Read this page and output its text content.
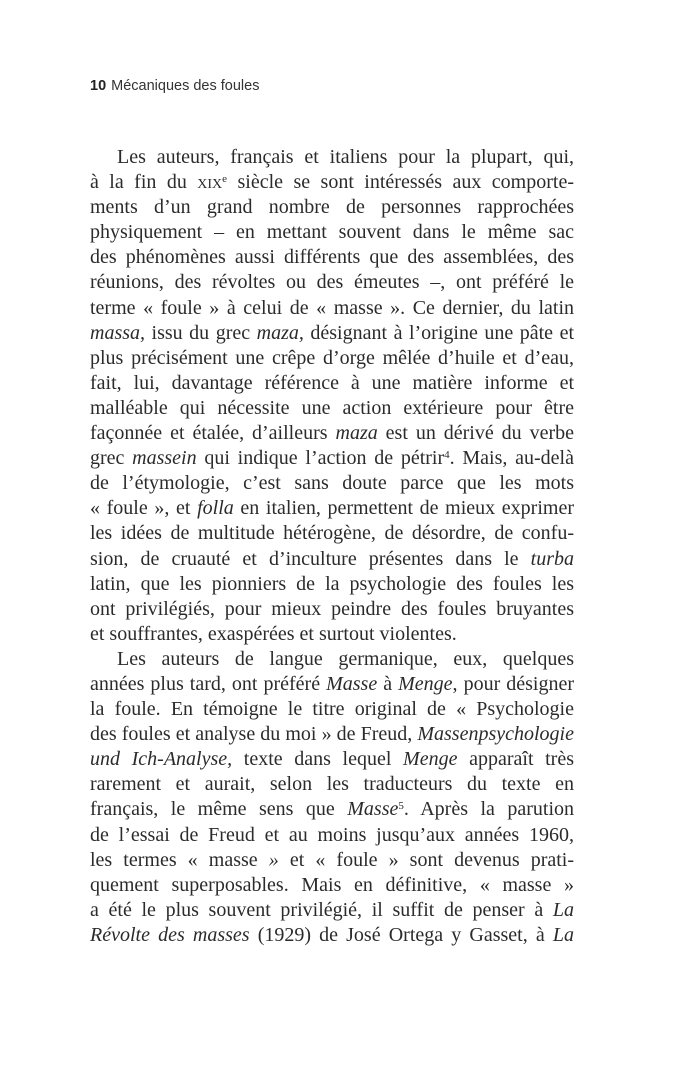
10 Mécaniques des foules
Les auteurs, français et italiens pour la plupart, qui,
à la fin du xix$^e$ siècle se sont intéressés aux comporte-
ments d’un grand nombre de personnes rapprochées
physiquement – en mettant souvent dans le même sac
des phénomènes aussi différents que des assemblées, des
réunions, des révoltes ou des émeutes –, ont préféré le
terme « foule » à celui de « masse ». Ce dernier, du latin
massa, issu du grec maza, désignant à l’origine une pâte et
plus précisément une crêpe d’orge mêlée d’huile et d’eau,
fait, lui, davantage référence à une matière informe et
malléable qui nécessite une action extérieure pour être
façonnée et étalée, d’ailleurs maza est un dérivé du verbe
grec massein qui indique l’action de pétrir$^4$. Mais, au-delà
de l’étymologie, c’est sans doute parce que les mots
« foule », et folla en italien, permettent de mieux exprimer
les idées de multitude hétérogène, de désordre, de confu-
sion, de cruauté et d’inculture présentes dans le turba
latin, que les pionniers de la psychologie des foules les
ont privilégiés, pour mieux peindre des foules bruyantes
et souffrantes, exaspérées et surtout violentes.
Les auteurs de langue germanique, eux, quelques
années plus tard, ont préféré Masse à Menge, pour désigner
la foule. En témoigne le titre original de « Psychologie
des foules et analyse du moi » de Freud, Massenpsychologie
und Ich-Analyse, texte dans lequel Menge apparaît très
rarement et aurait, selon les traducteurs du texte en
français, le même sens que Masse$^5$. Après la parution
de l’essai de Freud et au moins jusqu’aux années 1960,
les termes « masse » et « foule » sont devenus prati-
quement superposables. Mais en définitive, « masse »
a été le plus souvent privilégié, il suffit de penser à La
Révolte des masses (1929) de José Ortega y Gasset, à La
